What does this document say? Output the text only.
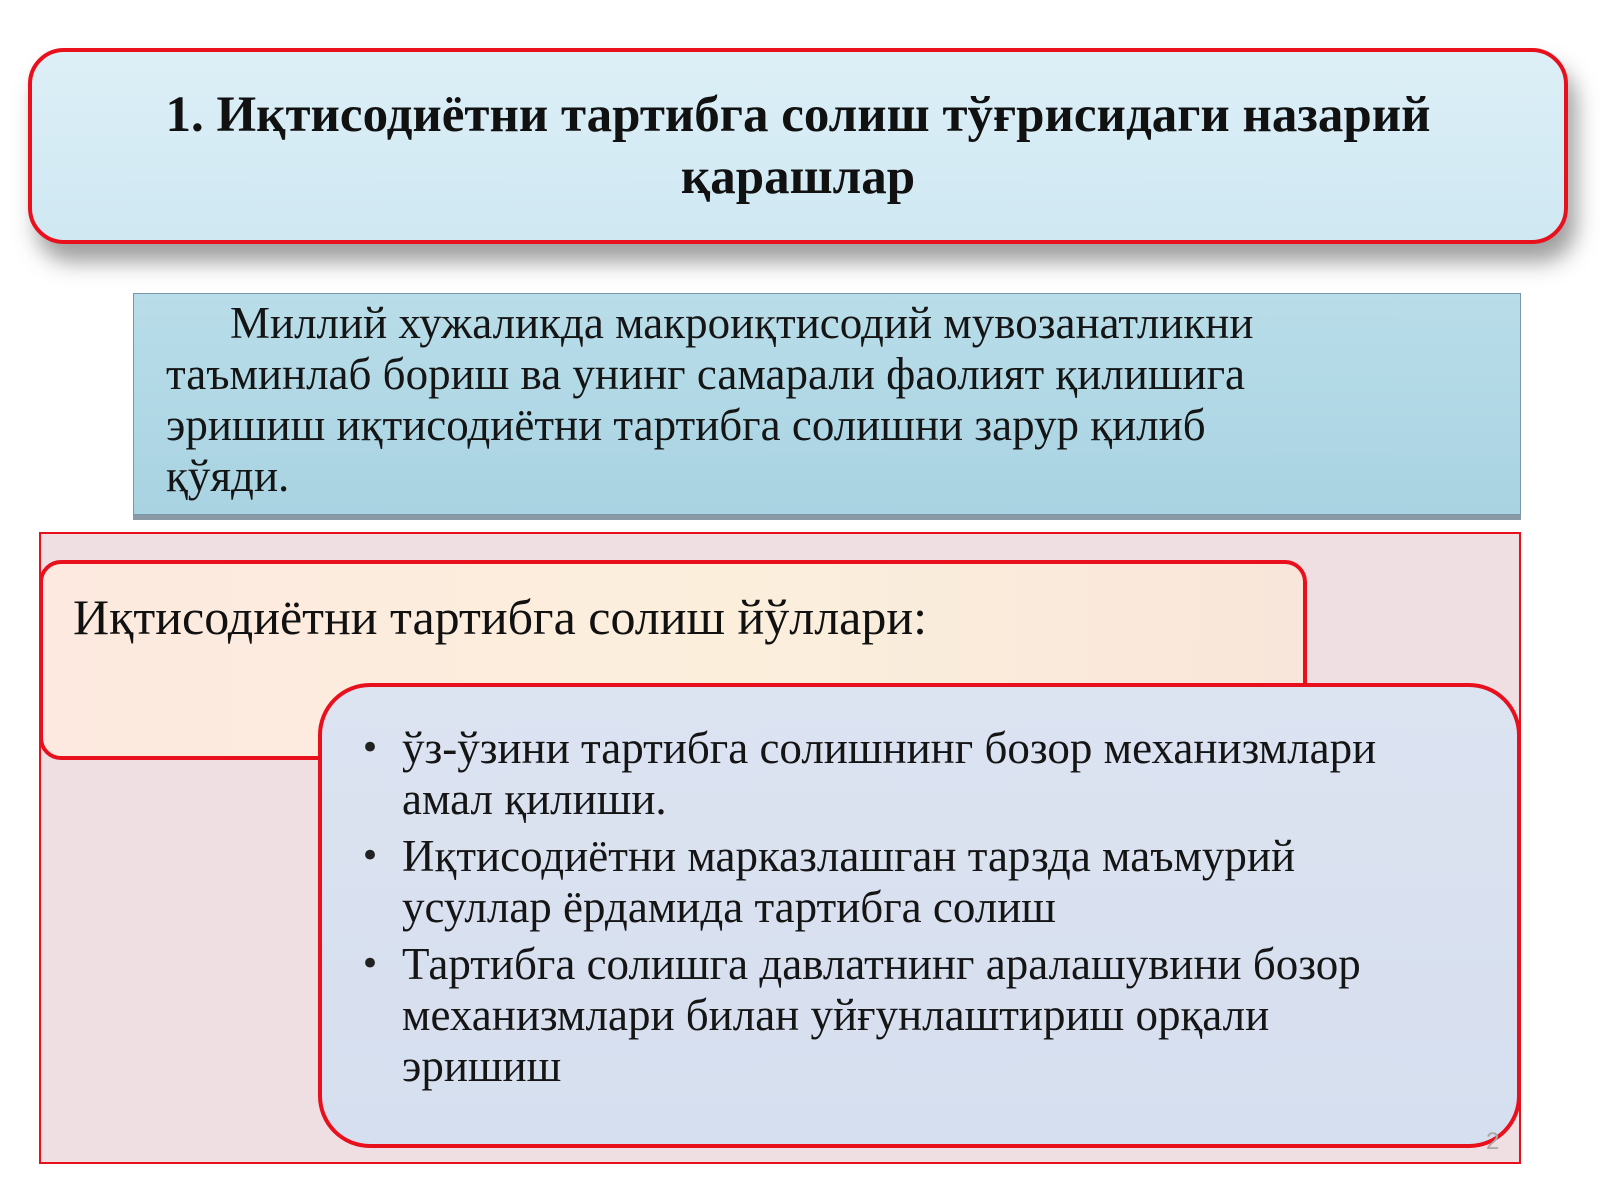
1. Иқтисодиётни тартибга солиш тўғрисидаги назарий
қарашлар
Миллий хужаликда макроиқтисодий мувозанатликни
таъминлаб бориш ва унинг самарали фаолият қилишига
эришиш иқтисодиётни тартибга солишни зарур қилиб
қўяди.
Иқтисодиётни тартибга солиш йўллари:
• ўз-ўзини тартибга солишнинг бозор механизмлари
амал қилиши.
• Иқтисодиётни марказлашган тарзда маъмурий
усуллар ёрдамида тартибга солиш
• Тартибга солишга давлатнинг аралашувини бозор
механизмлари билан уйғунлаштириш орқали
эришиш
2
